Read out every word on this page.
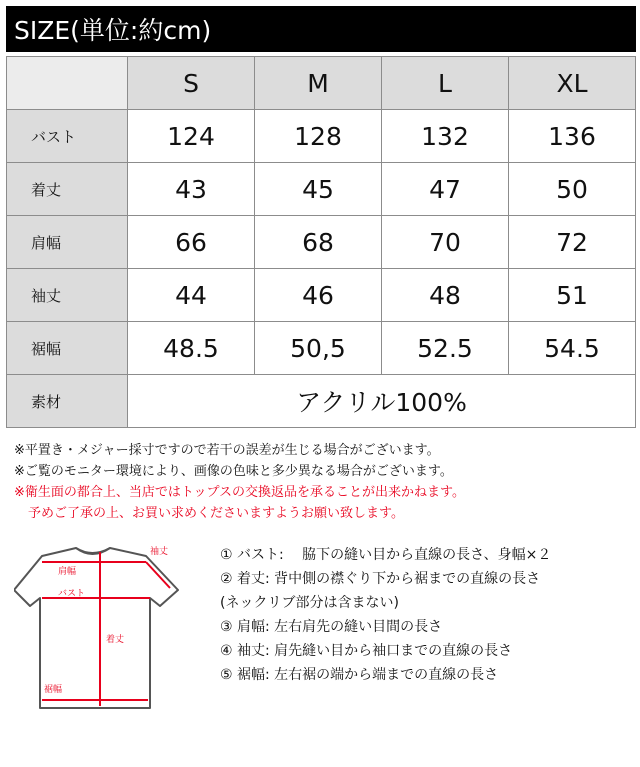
SIZE(単位:約cm)
	S	M	L	XL
バスト	124	128	132	136
着丈	43	45	47	50
肩幅	66	68	70	72
袖丈	44	46	48	51
裾幅	48.5	50,5	52.5	54.5
素材	アクリル100%			
※平置き・メジャー採寸ですので若干の誤差が生じる場合がございます。
※ご覧のモニター環境により、画像の色味と多少異なる場合がございます。
※衛生面の都合上、当店ではトップスの交換返品を承ることが出来かねます。
予めご了承の上、お買い求めくださいますようお願い致します。
袖丈
肩幅
バスト
着丈
裾幅
① バスト:　 脇下の縫い目から直線の長さ、身幅×２
② 着丈: 背中側の襟ぐり下から裾までの直線の長さ
(ネックリブ部分は含まない)
③ 肩幅: 左右肩先の縫い目間の長さ
④ 袖丈: 肩先縫い目から袖口までの直線の長さ
⑤ 裾幅: 左右裾の端から端までの直線の長さ
